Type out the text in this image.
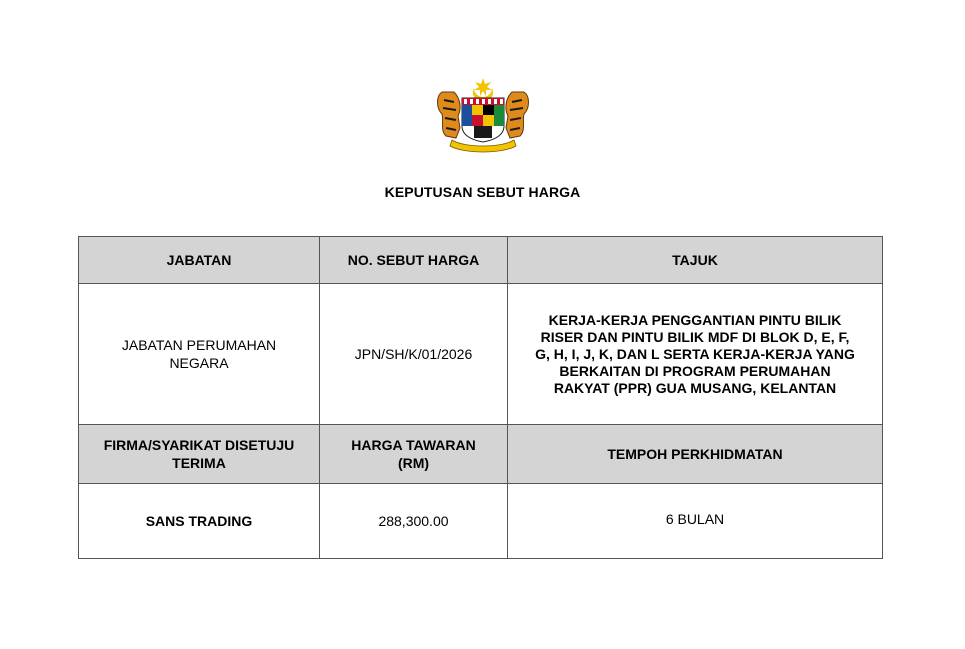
KEPUTUSAN SEBUT HARGA
JABATAN	NO. SEBUT HARGA	TAJUK
JABATAN PERUMAHAN NEGARA	JPN/SH/K/01/2026	KERJA-KERJA PENGGANTIAN PINTU BILIK RISER DAN PINTU BILIK MDF DI BLOK D, E, F, G, H, I, J, K, DAN L SERTA KERJA-KERJA YANG BERKAITAN DI PROGRAM PERUMAHAN RAKYAT (PPR) GUA MUSANG, KELANTAN
FIRMA/SYARIKAT DISETUJU TERIMA	HARGA TAWARAN (RM)	TEMPOH PERKHIDMATAN
SANS TRADING	288,300.00	6 BULAN
